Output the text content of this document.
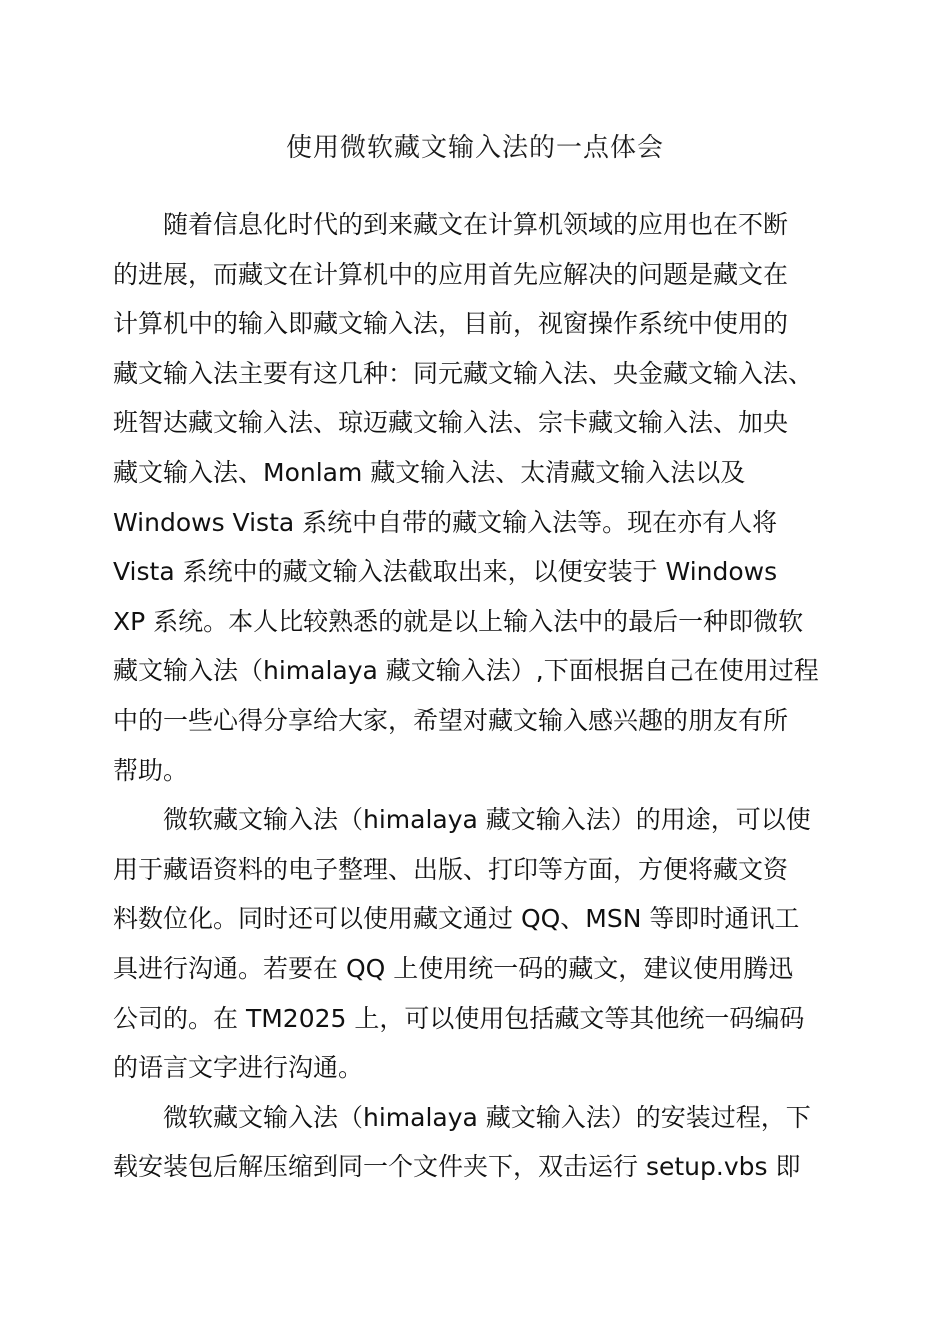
使用微软藏文输入法的一点体会

随着信息化时代的到来藏文在计算机领域的应用也在不断
的进展，而藏文在计算机中的应用首先应解决的问题是藏文在
计算机中的输入即藏文输入法，目前，视窗操作系统中使用的
藏文输入法主要有这几种：同元藏文输入法、央金藏文输入法、
班智达藏文输入法、琼迈藏文输入法、宗卡藏文输入法、加央
藏文输入法、Monlam 藏文输入法、太清藏文输入法以及
Windows Vista 系统中自带的藏文输入法等。现在亦有人将
Vista 系统中的藏文输入法截取出来，以便安装于 Windows
XP 系统。本人比较熟悉的就是以上输入法中的最后一种即微软
藏文输入法（himalaya 藏文输入法）,下面根据自己在使用过程
中的一些心得分享给大家，希望对藏文输入感兴趣的朋友有所
帮助。

微软藏文输入法（himalaya 藏文输入法）的用途，可以使
用于藏语资料的电子整理、出版、打印等方面，方便将藏文资
料数位化。同时还可以使用藏文通过 QQ、MSN 等即时通讯工
具进行沟通。若要在 QQ 上使用统一码的藏文，建议使用腾迅
公司的。在 TM2025 上，可以使用包括藏文等其他统一码编码
的语言文字进行沟通。

微软藏文输入法（himalaya 藏文输入法）的安装过程，下
载安装包后解压缩到同一个文件夹下，双击运行 setup.vbs 即
